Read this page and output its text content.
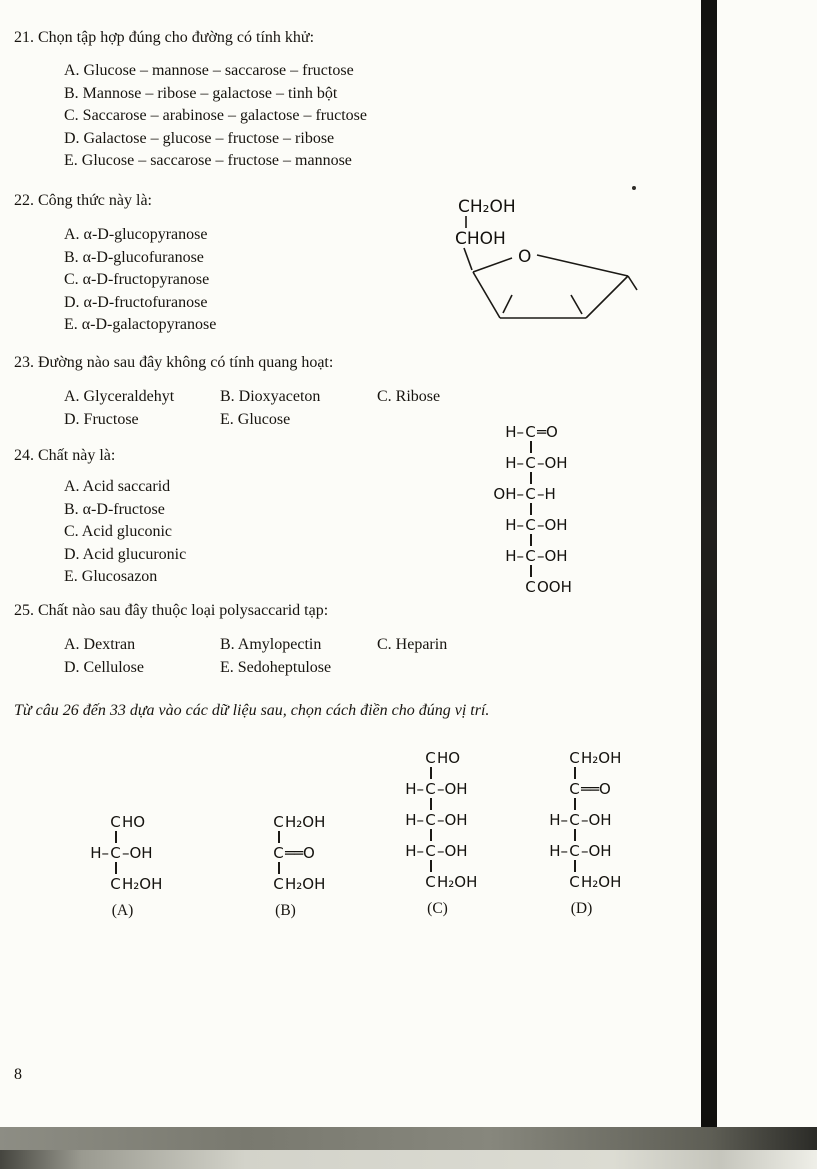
21. Chọn tập hợp đúng cho đường có tính khử:
A. Glucose – mannose – saccarose – fructose
B. Mannose – ribose – galactose – tinh bột
C. Saccarose – arabinose – galactose – fructose
D. Galactose – glucose – fructose – ribose
E. Glucose – saccarose – fructose – mannose
22. Công thức này là:
A. α-D-glucopyranose
B. α-D-glucofuranose
C. α-D-fructopyranose
D. α-D-fructofuranose
E. α-D-galactopyranose
CH₂OH
CHOH
O
23. Đường nào sau đây không có tính quang hoạt:
A. Glyceraldehyt	B. Dioxyaceton	C. Ribose
D. Fructose	E. Glucose
24. Chất này là:
A. Acid saccarid
B. α-D-fructose
C. Acid gluconic
D. Acid glucuronic
E. Glucosazon
H– C ═O
H– C –OH
OH– C –H
H– C –OH
H– C –OH
C OOH
25. Chất nào sau đây thuộc loại polysaccarid tạp:
A. Dextran	B. Amylopectin	C. Heparin
D. Cellulose	E. Sedoheptulose
Từ câu 26 đến 33 dựa vào các dữ liệu sau, chọn cách điền cho đúng vị trí.
C HO
H– C –OH
C H₂OH
(A)
C H₂OH
C ══O
C H₂OH
(B)
C HO
H– C –OH
H– C –OH
H– C –OH
C H₂OH
(C)
C H₂OH
C ══O
H– C –OH
H– C –OH
C H₂OH
(D)
8
